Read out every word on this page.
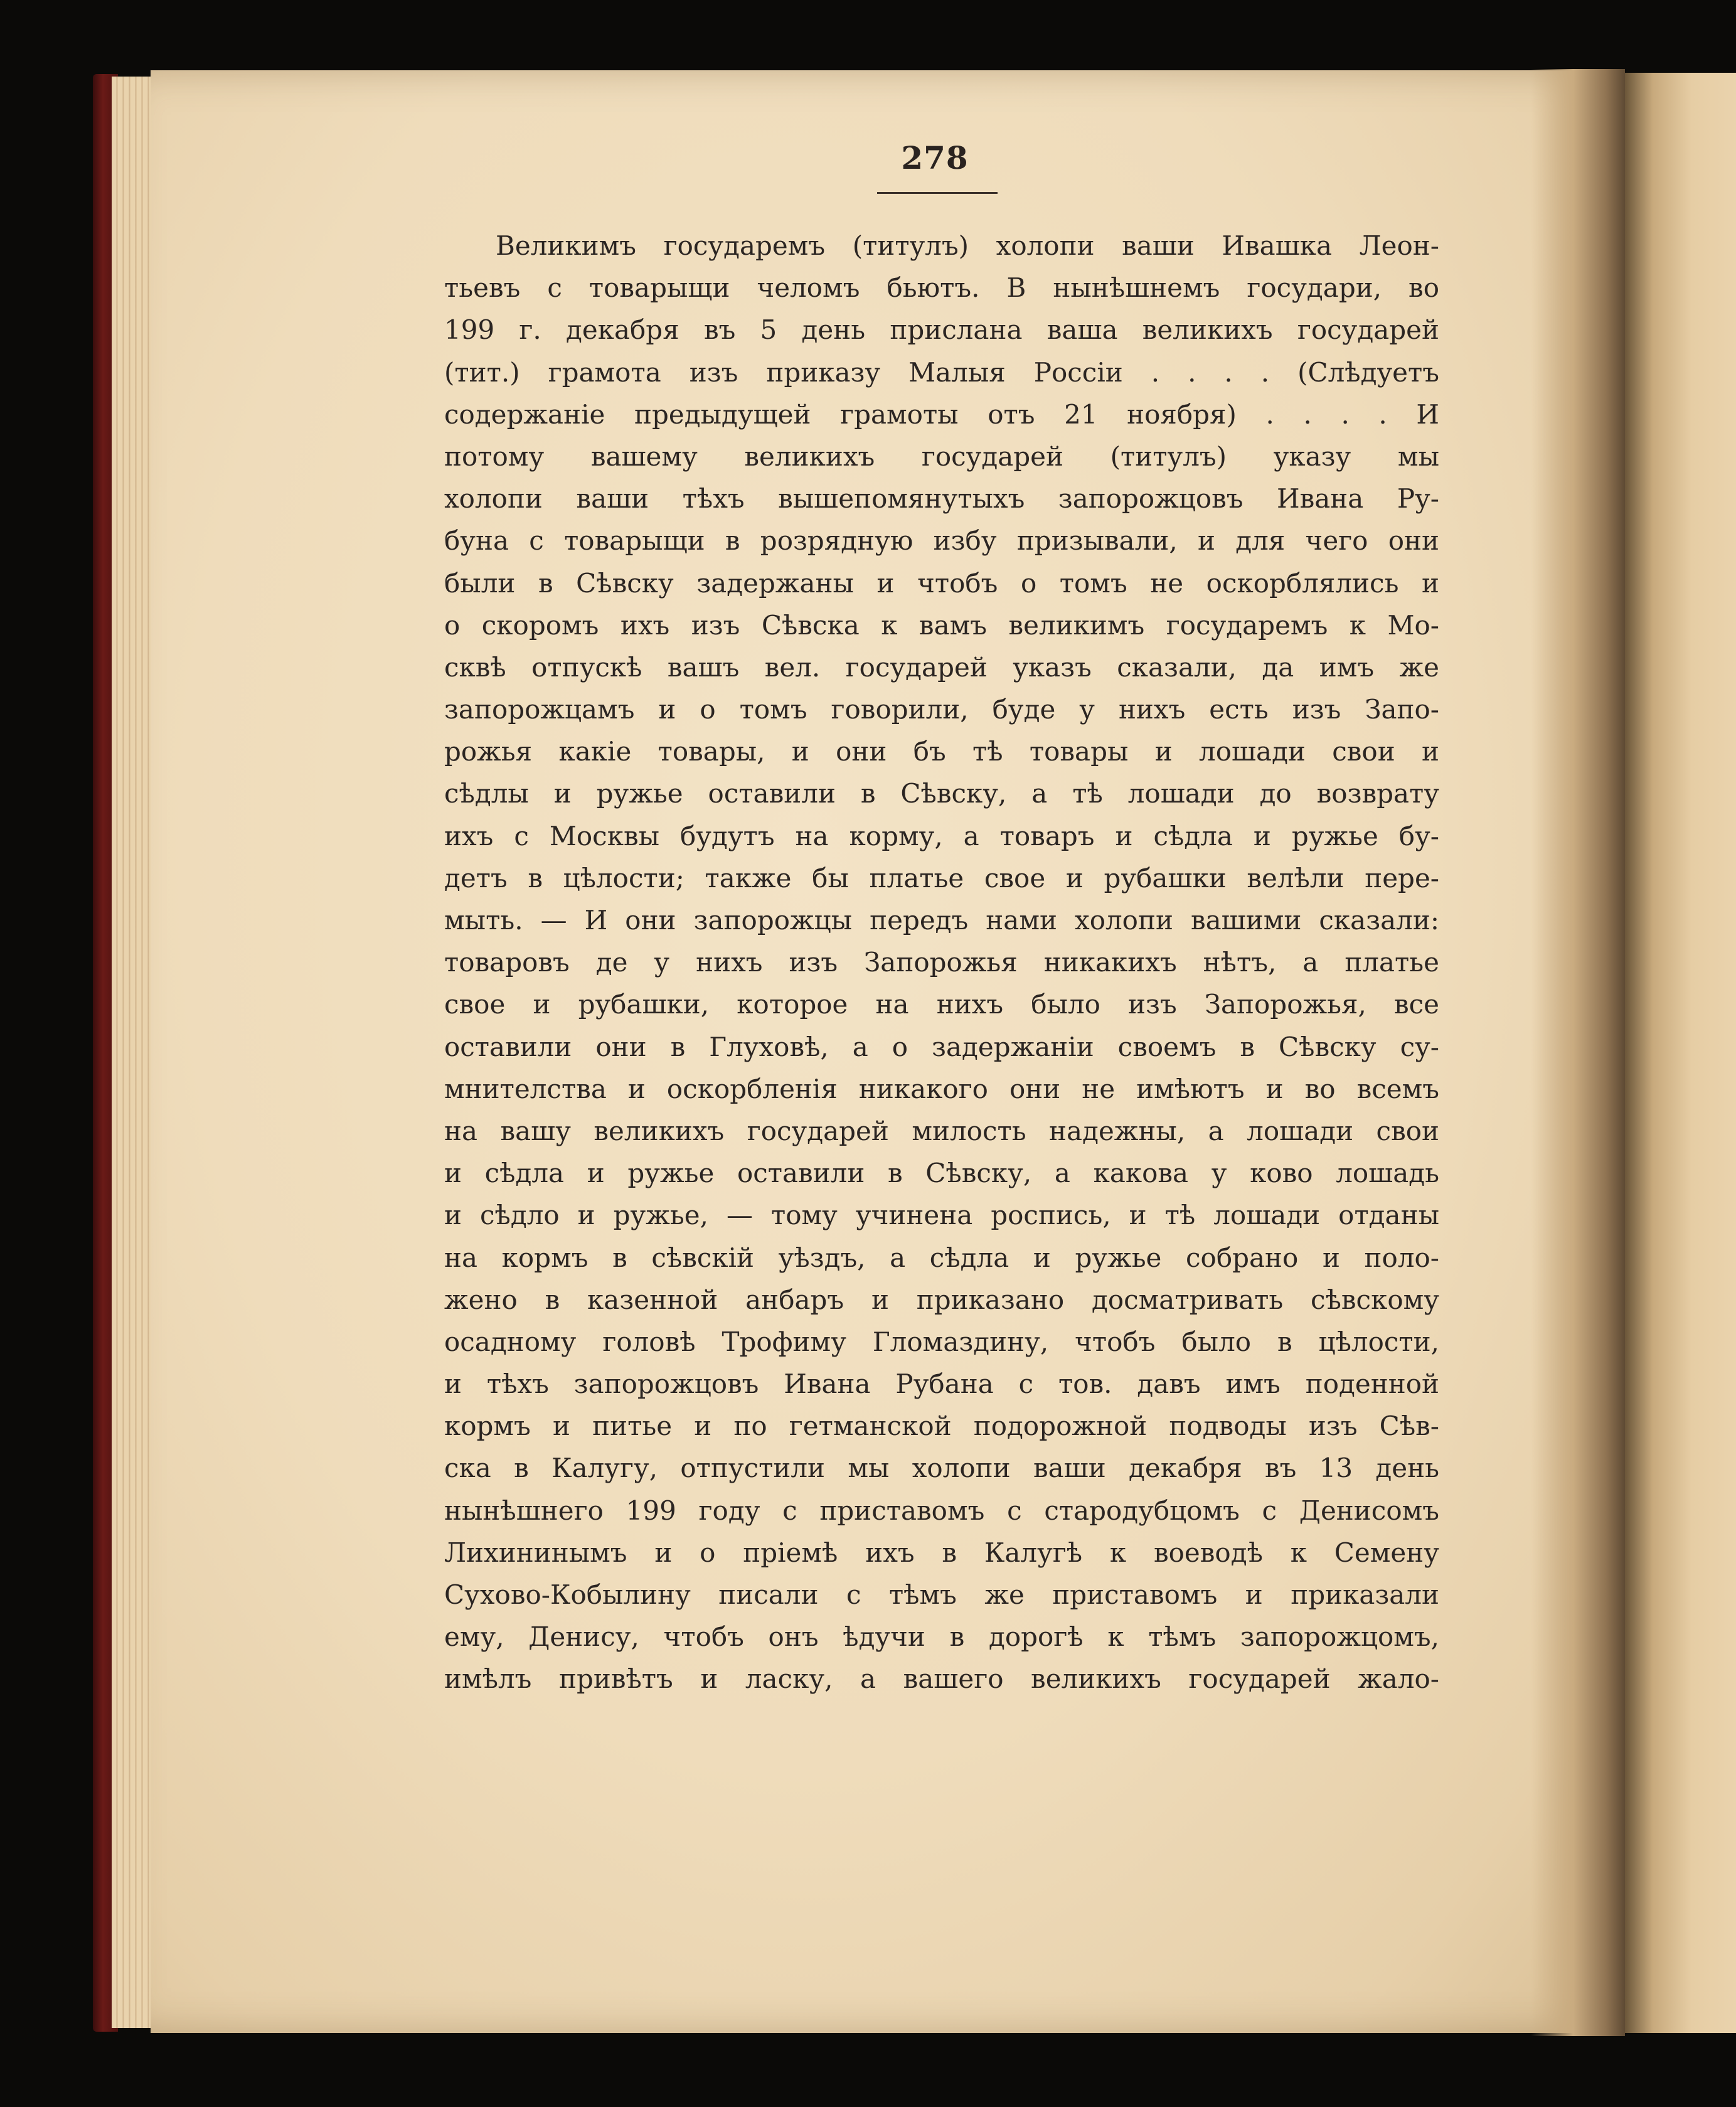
278
Великимъ государемъ (титулъ) холопи ваши Ивашка Леон-
тьевъ с товарыщи челомъ бьютъ. В нынѣшнемъ государи, во
199 г. декабря въ 5 день прислана ваша великихъ государей
(тит.) грамота изъ приказу Малыя Россіи . . . . (Слѣдуетъ
содержаніе предыдущей грамоты отъ 21 ноября) . . . . И
потому вашему великихъ государей (титулъ) указу мы
холопи ваши тѣхъ вышепомянутыхъ запорожцовъ Ивана Ру-
буна с товарыщи в розрядную избу призывали, и для чего они
были в Сѣвску задержаны и чтобъ о томъ не оскорблялись и
о скоромъ ихъ изъ Сѣвска к вамъ великимъ государемъ к Мо-
сквѣ отпускѣ вашъ вел. государей указъ сказали, да имъ же
запорожцамъ и о томъ говорили, буде у нихъ есть изъ Запо-
рожья какіе товары, и они бъ тѣ товары и лошади свои и
сѣдлы и ружье оставили в Сѣвску, а тѣ лошади до возврату
ихъ с Москвы будутъ на корму, а товаръ и сѣдла и ружье бу-
детъ в цѣлости; также бы платье свое и рубашки велѣли пере-
мыть. — И они запорожцы передъ нами холопи вашими сказали:
товаровъ де у нихъ изъ Запорожья никакихъ нѣтъ, а платье
свое и рубашки, которое на нихъ было изъ Запорожья, все
оставили они в Глуховѣ, а о задержаніи своемъ в Сѣвску су-
мнителства и оскорбленія никакого они не имѣютъ и во всемъ
на вашу великихъ государей милость надежны, а лошади свои
и сѣдла и ружье оставили в Сѣвску, а какова у ково лошадь
и сѣдло и ружье, — тому учинена роспись, и тѣ лошади отданы
на кормъ в сѣвскій уѣздъ, а сѣдла и ружье собрано и поло-
жено в казенной анбаръ и приказано досматривать сѣвскому
осадному головѣ Трофиму Гломаздину, чтобъ было в цѣлости,
и тѣхъ запорожцовъ Ивана Рубана с тов. давъ имъ поденной
кормъ и питье и по гетманской подорожной подводы изъ Сѣв-
ска в Калугу, отпустили мы холопи ваши декабря въ 13 день
нынѣшнего 199 году с приставомъ с стародубцомъ с Денисомъ
Лихининымъ и о пріемѣ ихъ в Калугѣ к воеводѣ к Семену
Сухово-Кобылину писали с тѣмъ же приставомъ и приказали
ему, Денису, чтобъ онъ ѣдучи в дорогѣ к тѣмъ запорожцомъ,
имѣлъ привѣтъ и ласку, а вашего великихъ государей жало-
